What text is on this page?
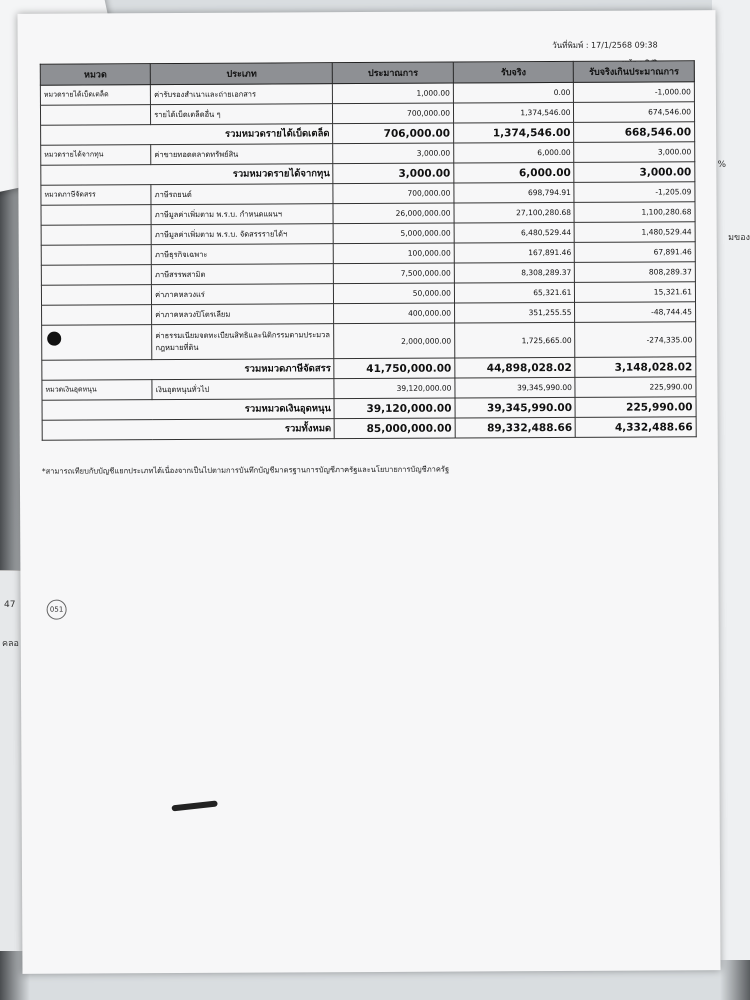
47
คลอ
%
มของ
วันที่พิมพ์ : 17/1/2568 09:38
หมวด	ประเภท	ประมาณการ	รับจริง	รับจริงเกินประมาณการ
หมวดรายได้เบ็ดเตล็ด	ค่ารับรองสำเนาและถ่ายเอกสาร	1,000.00	0.00	-1,000.00
	รายได้เบ็ดเตล็ดอื่น ๆ	700,000.00	1,374,546.00	674,546.00
รวมหมวดรายได้เบ็ดเตล็ด		706,000.00	1,374,546.00	668,546.00
หมวดรายได้จากทุน	ค่าขายทอดตลาดทรัพย์สิน	3,000.00	6,000.00	3,000.00
รวมหมวดรายได้จากทุน		3,000.00	6,000.00	3,000.00
หมวดภาษีจัดสรร	ภาษีรถยนต์	700,000.00	698,794.91	-1,205.09
	ภาษีมูลค่าเพิ่มตาม พ.ร.บ. กำหนดแผนฯ	26,000,000.00	27,100,280.68	1,100,280.68
	ภาษีมูลค่าเพิ่มตาม พ.ร.บ. จัดสรรรายได้ฯ	5,000,000.00	6,480,529.44	1,480,529.44
	ภาษีธุรกิจเฉพาะ	100,000.00	167,891.46	67,891.46
	ภาษีสรรพสามิต	7,500,000.00	8,308,289.37	808,289.37
	ค่าภาคหลวงแร่	50,000.00	65,321.61	15,321.61
	ค่าภาคหลวงปิโตรเลียม	400,000.00	351,255.55	-48,744.45
	ค่าธรรมเนียมจดทะเบียนสิทธิและนิติกรรมตามประมวลกฎหมายที่ดิน	2,000,000.00	1,725,665.00	-274,335.00
รวมหมวดภาษีจัดสรร		41,750,000.00	44,898,028.02	3,148,028.02
หมวดเงินอุดหนุน	เงินอุดหนุนทั่วไป	39,120,000.00	39,345,990.00	225,990.00
รวมหมวดเงินอุดหนุน		39,120,000.00	39,345,990.00	225,990.00
รวมทั้งหมด		85,000,000.00	89,332,488.66	4,332,488.66
*สามารถเทียบกับบัญชีแยกประเภทได้เนื่องจากเป็นไปตามการบันทึกบัญชีมาตรฐานการบัญชีภาครัฐและนโยบายการบัญชีภาครัฐ
051
